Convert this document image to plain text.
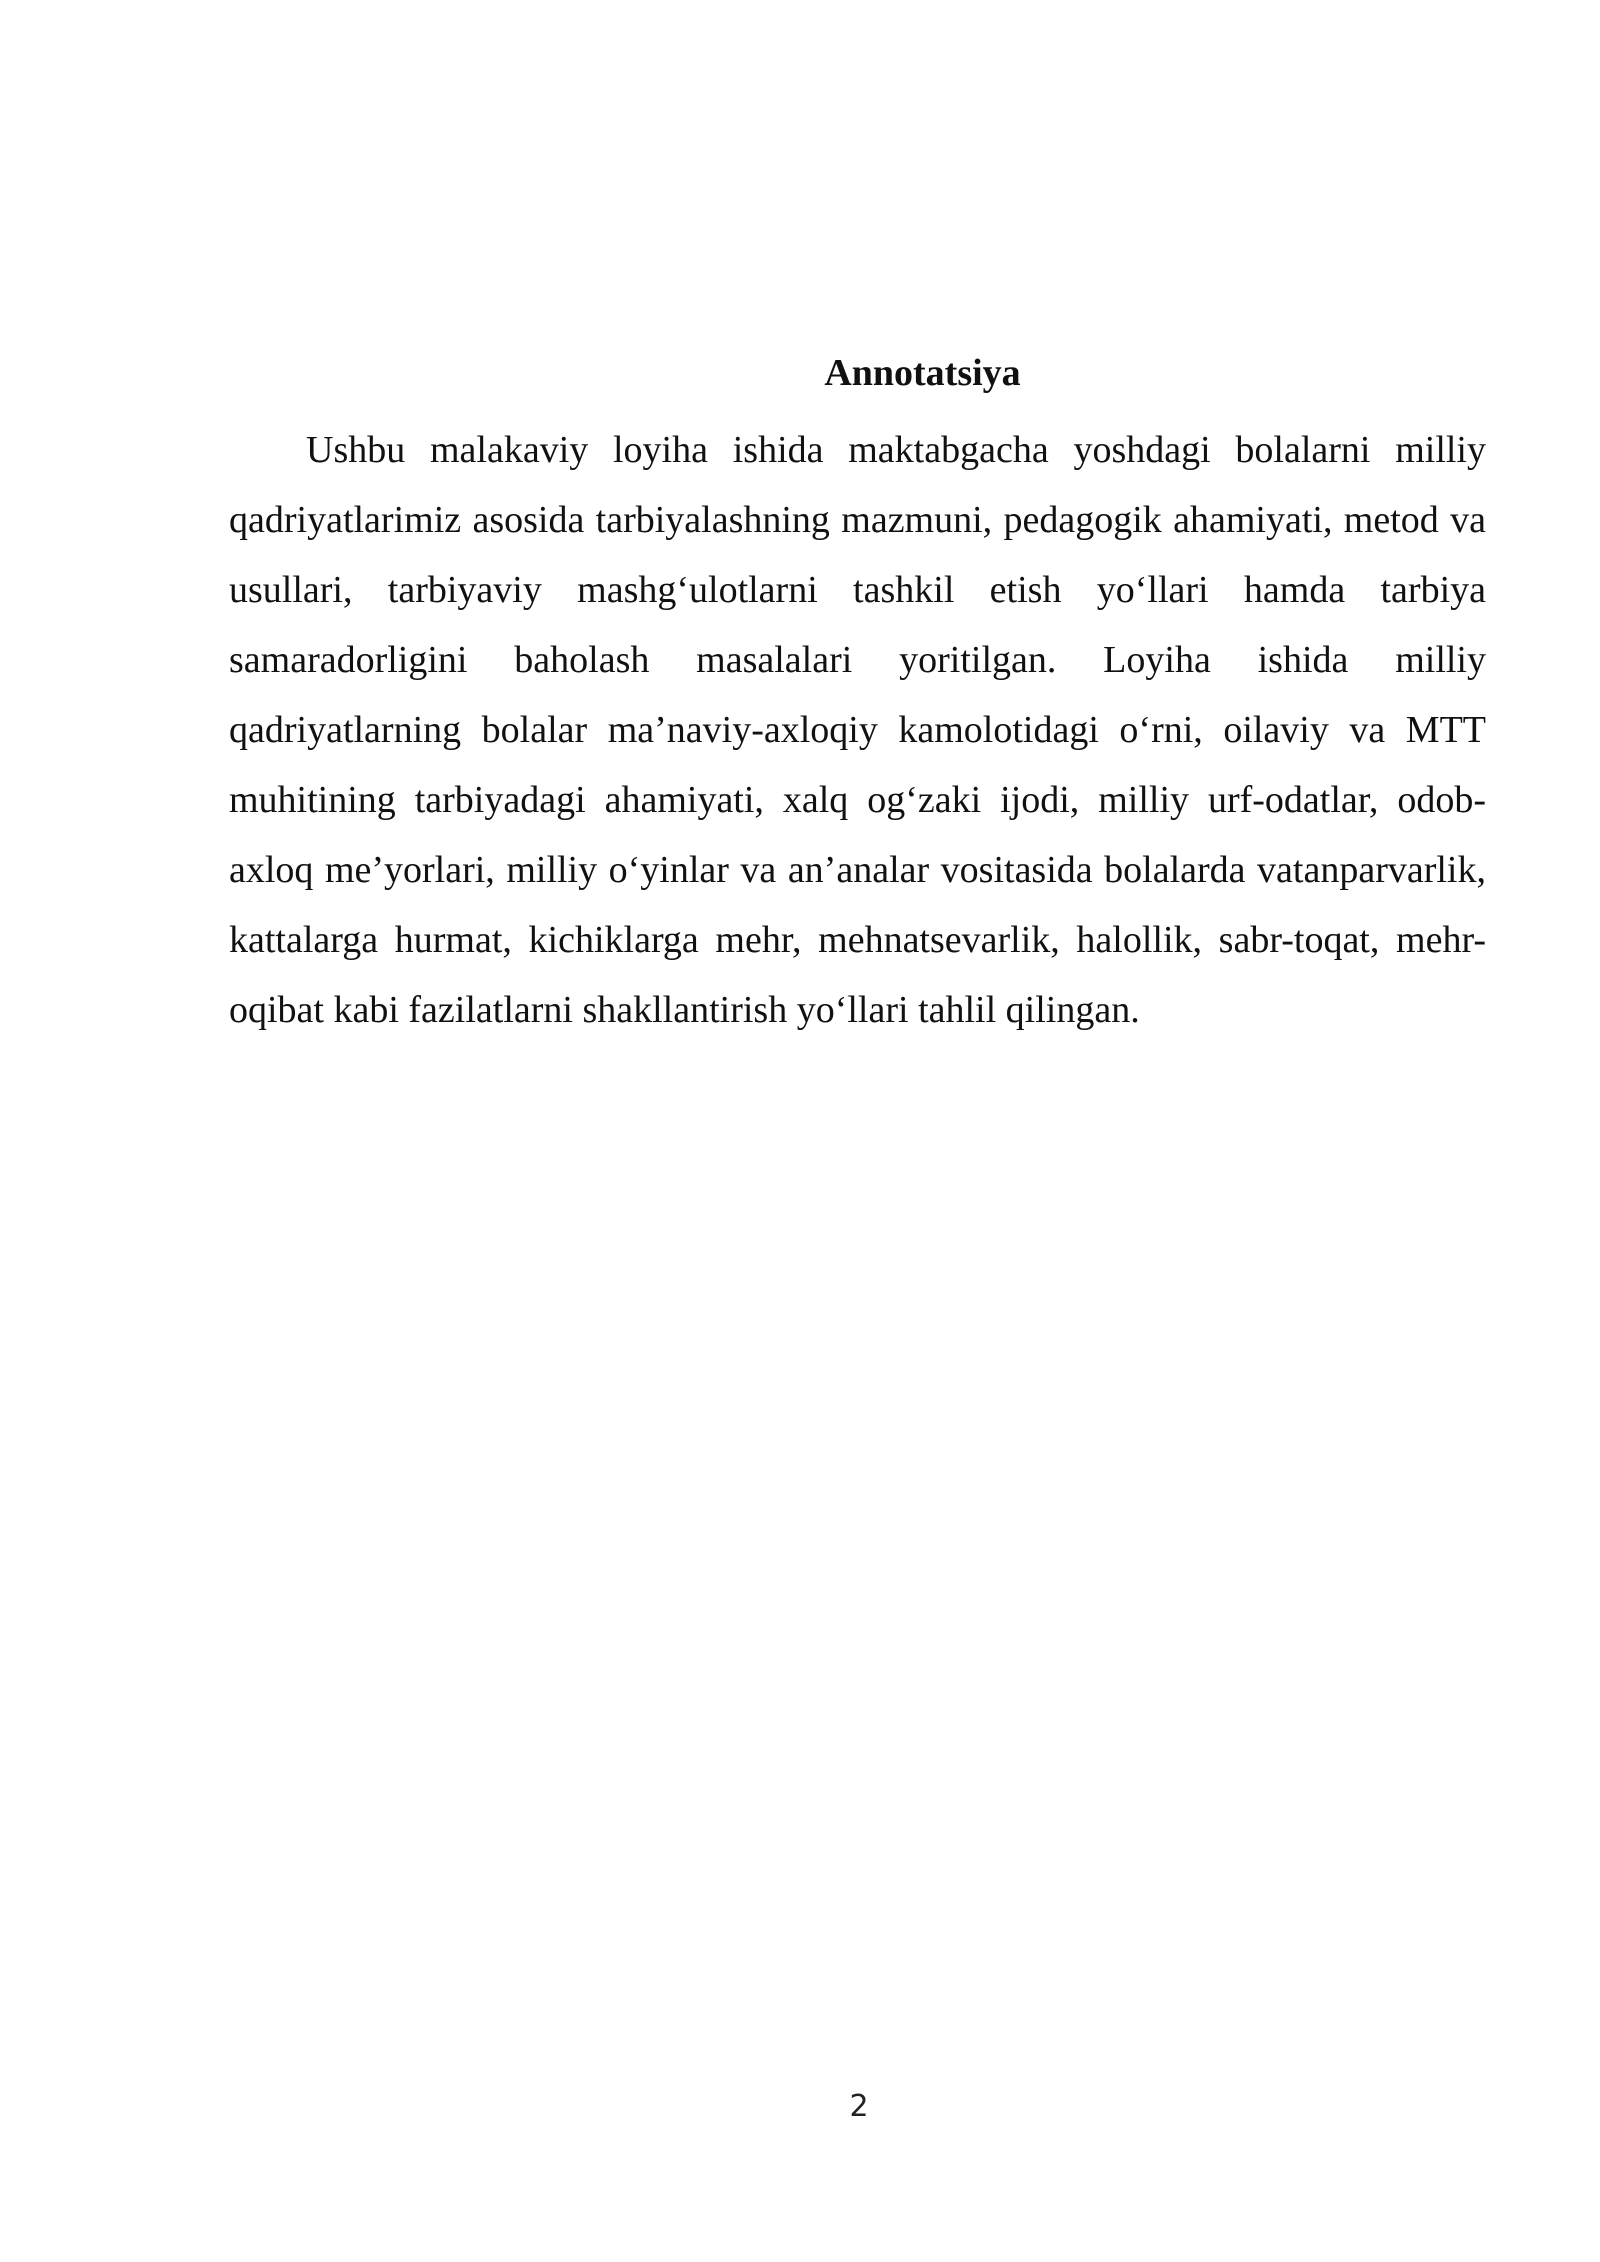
Annotatsiya

Ushbu malakaviy loyiha ishida maktabgacha yoshdagi bolalarni milliy qadriyatlarimiz asosida tarbiyalashning mazmuni, pedagogik ahamiyati, metod va usullari, tarbiyaviy mashg‘ulotlarni tashkil etish yo‘llari hamda tarbiya samaradorligini baholash masalalari yoritilgan. Loyiha ishida milliy qadriyatlarning bolalar ma’naviy-axloqiy kamolotidagi o‘rni, oilaviy va MTT muhitining tarbiyadagi ahamiyati, xalq og‘zaki ijodi, milliy urf-odatlar, odob-axloq me’yorlari, milliy o‘yinlar va an’analar vositasida bolalarda vatanparvarlik, kattalarga hurmat, kichiklarga mehr, mehnatsevarlik, halollik, sabr-toqat, mehr-oqibat kabi fazilatlarni shakllantirish yo‘llari tahlil qilingan.

2
